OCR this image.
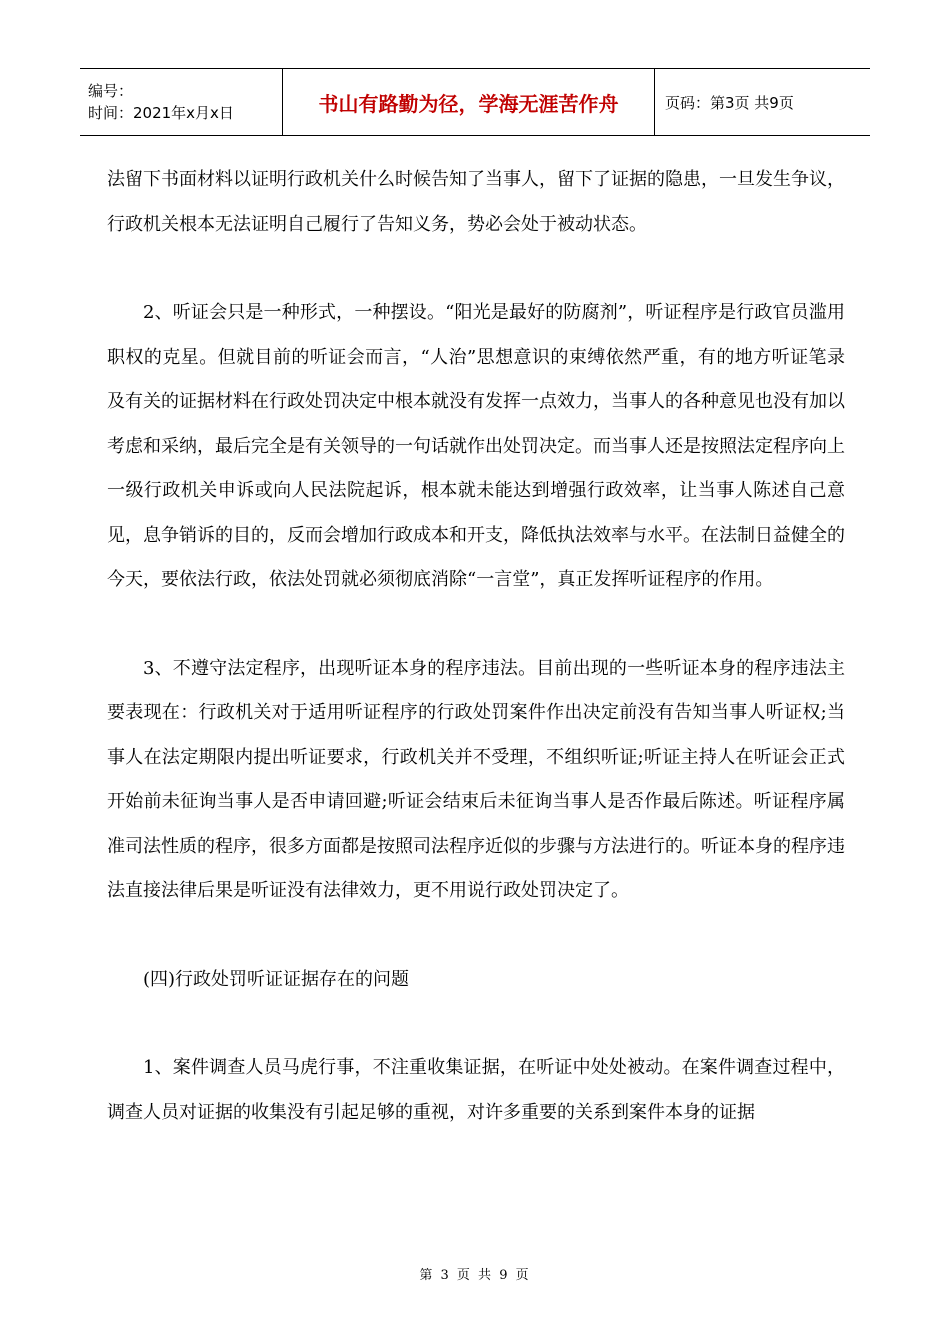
编号：
时间：2021年x月x日	书山有路勤为径，学海无涯苦作舟	页码：第3页 共9页

法留下书面材料以证明行政机关什么时候告知了当事人，留下了证据的隐患，一旦发生争议，行政机关根本无法证明自己履行了告知义务，势必会处于被动状态。

2、听证会只是一种形式，一种摆设。“阳光是最好的防腐剂”，听证程序是行政官员滥用职权的克星。但就目前的听证会而言，“人治”思想意识的束缚依然严重，有的地方听证笔录及有关的证据材料在行政处罚决定中根本就没有发挥一点效力，当事人的各种意见也没有加以考虑和采纳，最后完全是有关领导的一句话就作出处罚决定。而当事人还是按照法定程序向上一级行政机关申诉或向人民法院起诉，根本就未能达到增强行政效率，让当事人陈述自己意见，息争销诉的目的，反而会增加行政成本和开支，降低执法效率与水平。在法制日益健全的今天，要依法行政，依法处罚就必须彻底消除“一言堂”，真正发挥听证程序的作用。

3、不遵守法定程序，出现听证本身的程序违法。目前出现的一些听证本身的程序违法主要表现在：行政机关对于适用听证程序的行政处罚案件作出决定前没有告知当事人听证权;当事人在法定期限内提出听证要求，行政机关并不受理，不组织听证;听证主持人在听证会正式开始前未征询当事人是否申请回避;听证会结束后未征询当事人是否作最后陈述。听证程序属准司法性质的程序，很多方面都是按照司法程序近似的步骤与方法进行的。听证本身的程序违法直接法律后果是听证没有法律效力，更不用说行政处罚决定了。

(四)行政处罚听证证据存在的问题

1、案件调查人员马虎行事，不注重收集证据，在听证中处处被动。在案件调查过程中，调查人员对证据的收集没有引起足够的重视，对许多重要的关系到案件本身的证据

第 3 页 共 9 页
